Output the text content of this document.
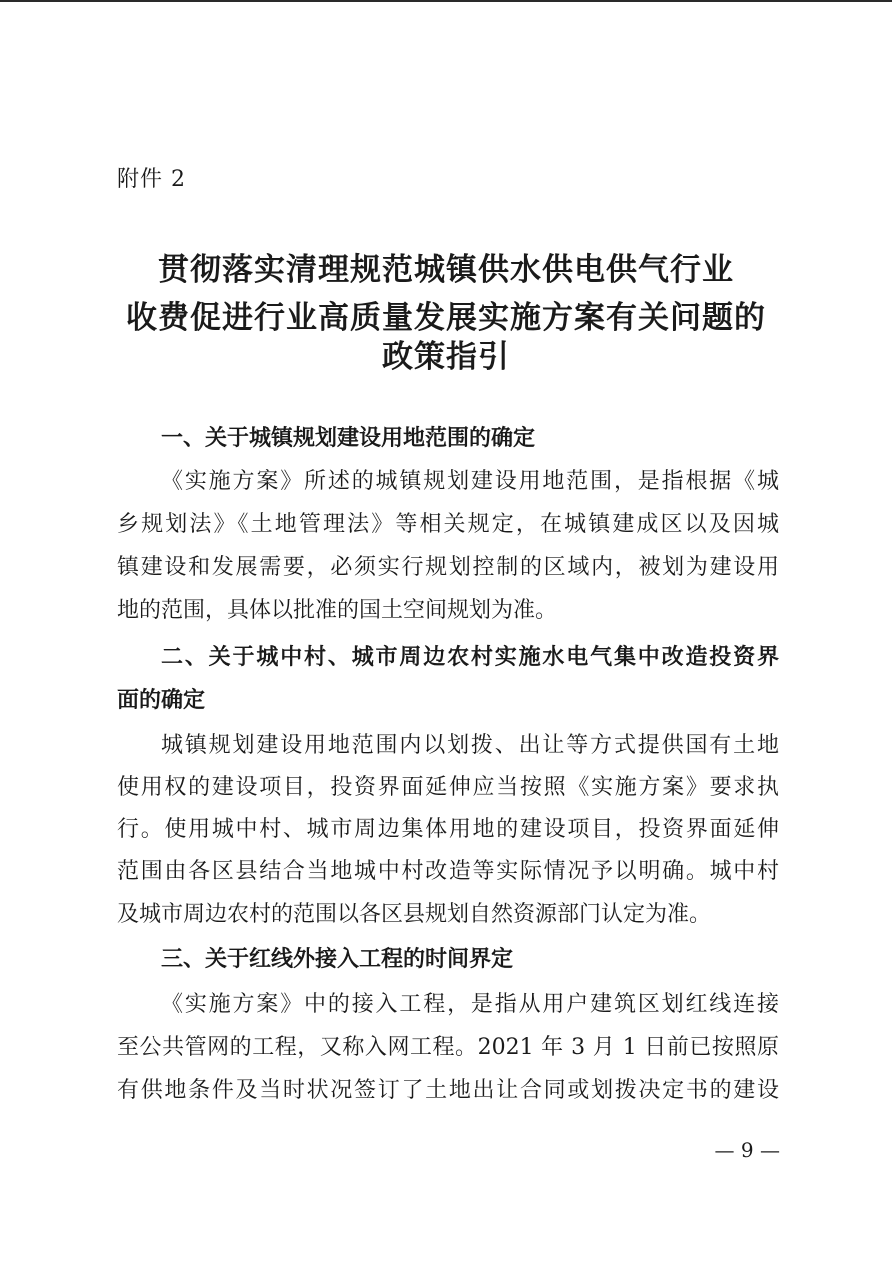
附件 2
贯彻落实清理规范城镇供水供电供气行业
收费促进行业高质量发展实施方案有关问题的
政策指引
一、关于城镇规划建设用地范围的确定
《实施方案》所述的城镇规划建设用地范围，是指根据《城
乡规划法》《土地管理法》等相关规定，在城镇建成区以及因城
镇建设和发展需要，必须实行规划控制的区域内，被划为建设用
地的范围，具体以批准的国土空间规划为准。
二、关于城中村、城市周边农村实施水电气集中改造投资界
面的确定
城镇规划建设用地范围内以划拨、出让等方式提供国有土地
使用权的建设项目，投资界面延伸应当按照《实施方案》要求执
行。使用城中村、城市周边集体用地的建设项目，投资界面延伸
范围由各区县结合当地城中村改造等实际情况予以明确。城中村
及城市周边农村的范围以各区县规划自然资源部门认定为准。
三、关于红线外接入工程的时间界定
《实施方案》中的接入工程，是指从用户建筑区划红线连接
至公共管网的工程，又称入网工程。2021 年 3 月 1 日前已按照原
有供地条件及当时状况签订了土地出让合同或划拨决定书的建设
— 9 —
